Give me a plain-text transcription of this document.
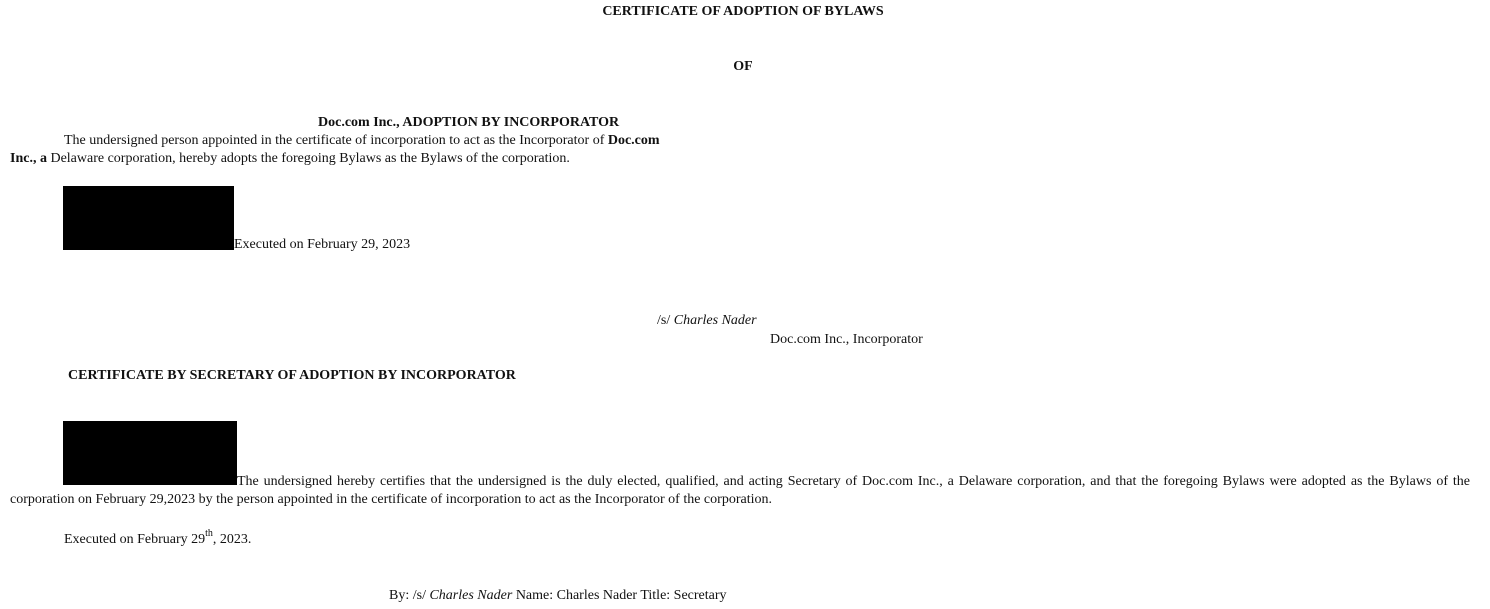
CERTIFICATE OF ADOPTION OF BYLAWS
OF
Doc.com Inc., ADOPTION BY INCORPORATOR
The undersigned person appointed in the certificate of incorporation to act as the Incorporator of Doc.com
Inc., a Delaware corporation, hereby adopts the foregoing Bylaws as the Bylaws of the corporation.
Executed on February 29, 2023
/s/ Charles Nader
Doc.com Inc., Incorporator
CERTIFICATE BY SECRETARY OF ADOPTION BY INCORPORATOR
The undersigned hereby certifies that the undersigned is the duly elected, qualified, and acting Secretary of Doc.com Inc., a Delaware corporation, and that the foregoing Bylaws were adopted as the Bylaws of the corporation on February 29,2023 by the person appointed in the certificate of incorporation to act as the Incorporator of the corporation.
Executed on February 29th, 2023.
By: /s/ Charles Nader Name: Charles Nader Title: Secretary
